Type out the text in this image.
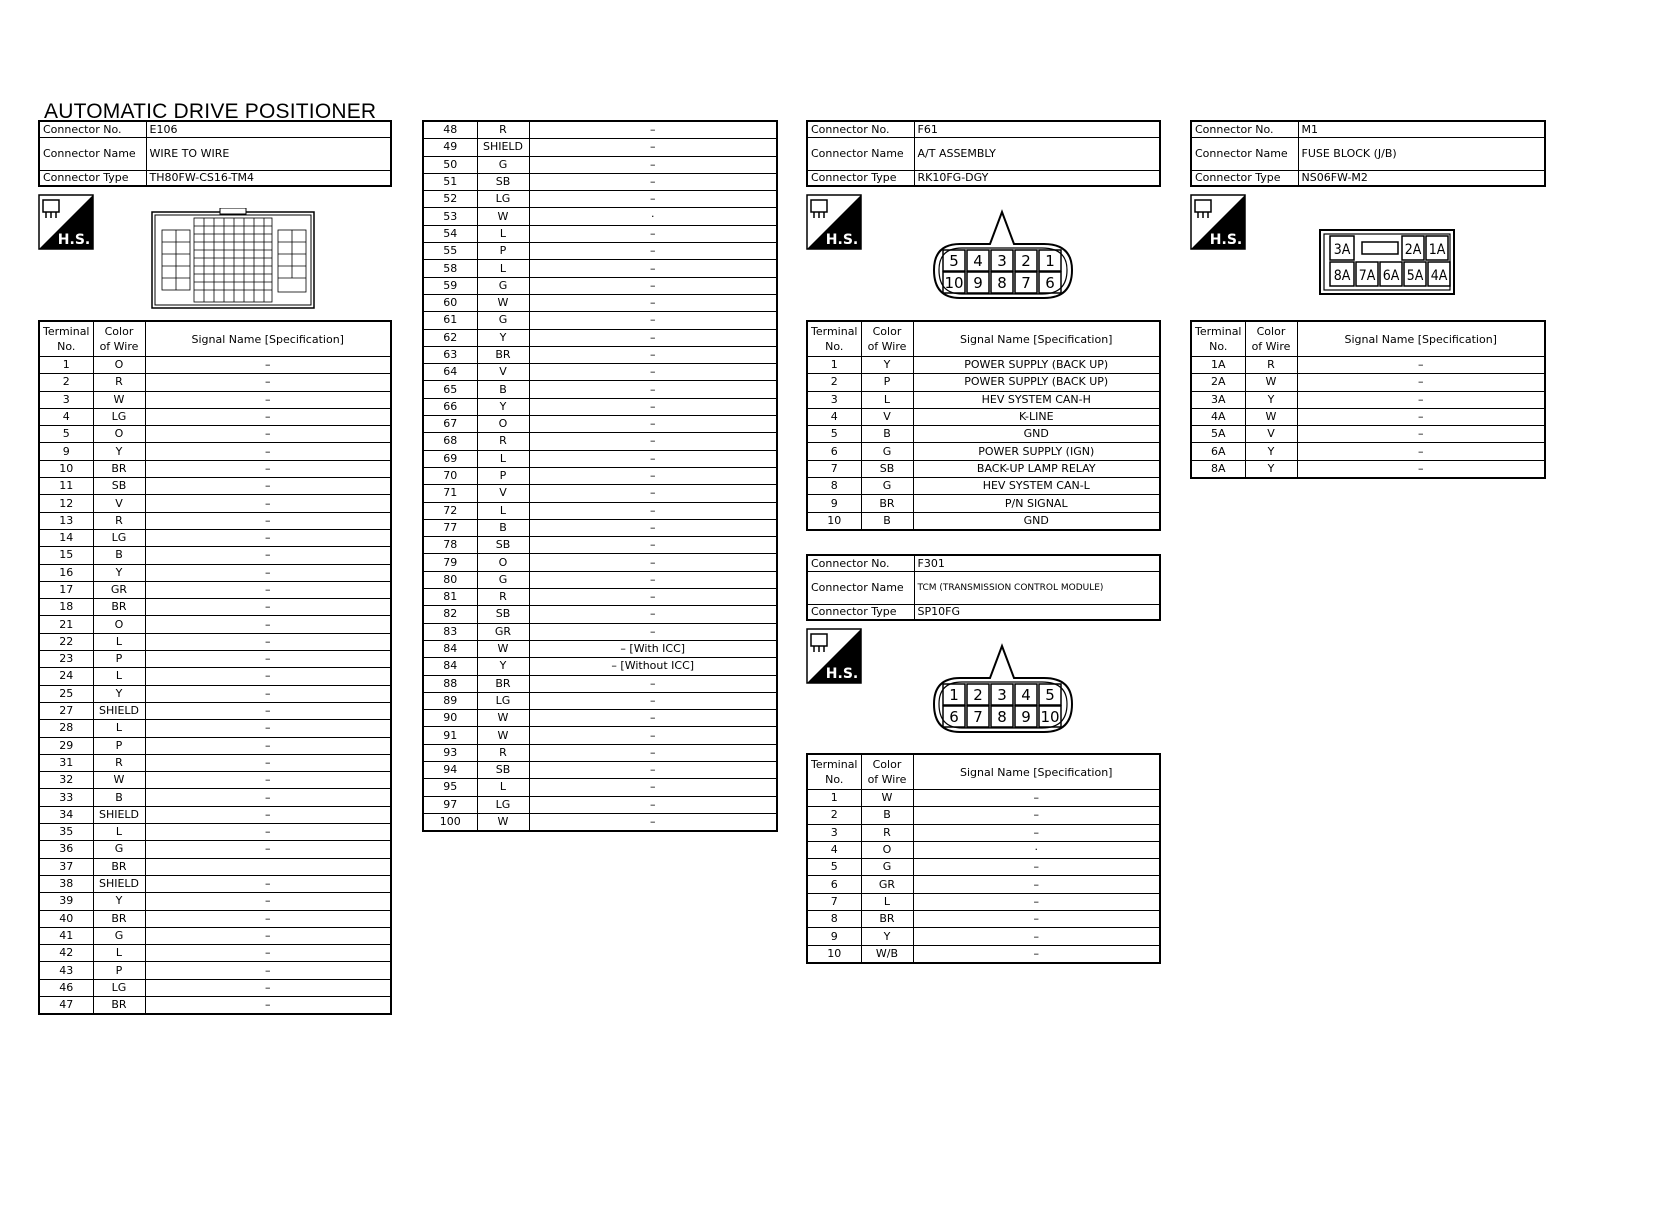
AUTOMATIC DRIVE POSITIONER
Connector No.	E106
Connector Name	WIRE TO WIRE
Connector Type	TH80FW-CS16-TM4
H.S.
Terminal
No.	Color
of Wire	Signal Name [Specification]
1	O	–
2	R	–
3	W	–
4	LG	–
5	O	–
9	Y	–
10	BR	–
11	SB	–
12	V	–
13	R	–
14	LG	–
15	B	–
16	Y	–
17	GR	–
18	BR	–
21	O	–
22	L	–
23	P	–
24	L	–
25	Y	–
27	SHIELD	–
28	L	–
29	P	–
31	R	–
32	W	–
33	B	–
34	SHIELD	–
35	L	–
36	G	–
37	BR	
38	SHIELD	–
39	Y	–
40	BR	–
41	G	–
42	L	–
43	P	–
46	LG	–
47	BR	–
48	R	–
49	SHIELD	–
50	G	–
51	SB	–
52	LG	–
53	W	·
54	L	–
55	P	–
58	L	–
59	G	–
60	W	–
61	G	–
62	Y	–
63	BR	–
64	V	–
65	B	–
66	Y	–
67	O	–
68	R	–
69	L	–
70	P	–
71	V	–
72	L	–
77	B	–
78	SB	–
79	O	–
80	G	–
81	R	–
82	SB	–
83	GR	–
84	W	– [With ICC]
84	Y	– [Without ICC]
88	BR	–
89	LG	–
90	W	–
91	W	–
93	R	–
94	SB	–
95	L	–
97	LG	–
100	W	–
Connector No.	F61
Connector Name	A/T ASSEMBLY
Connector Type	RK10FG-DGY
H.S.
5 4 3 2 1
10 9 8 7 6
Terminal
No.	Color
of Wire	Signal Name [Specification]
1	Y	POWER SUPPLY (BACK UP)
2	P	POWER SUPPLY (BACK UP)
3	L	HEV SYSTEM CAN-H
4	V	K-LINE
5	B	GND
6	G	POWER SUPPLY (IGN)
7	SB	BACK-UP LAMP RELAY
8	G	HEV SYSTEM CAN-L
9	BR	P/N SIGNAL
10	B	GND
Connector No.	F301
Connector Name	TCM (TRANSMISSION CONTROL MODULE)
Connector Type	SP10FG
H.S.
1 2 3 4 5
6 7 8 9 10
Terminal
No.	Color
of Wire	Signal Name [Specification]
1	W	–
2	B	–
3	R	–
4	O	·
5	G	–
6	GR	–
7	L	–
8	BR	–
9	Y	–
10	W/B	–
Connector No.	M1
Connector Name	FUSE BLOCK (J/B)
Connector Type	NS06FW-M2
H.S.
3A	2A 1A
8A 7A 6A 5A 4A
Terminal
No.	Color
of Wire	Signal Name [Specification]
1A	R	–
2A	W	–
3A	Y	–
4A	W	–
5A	V	–
6A	Y	–
8A	Y	–
